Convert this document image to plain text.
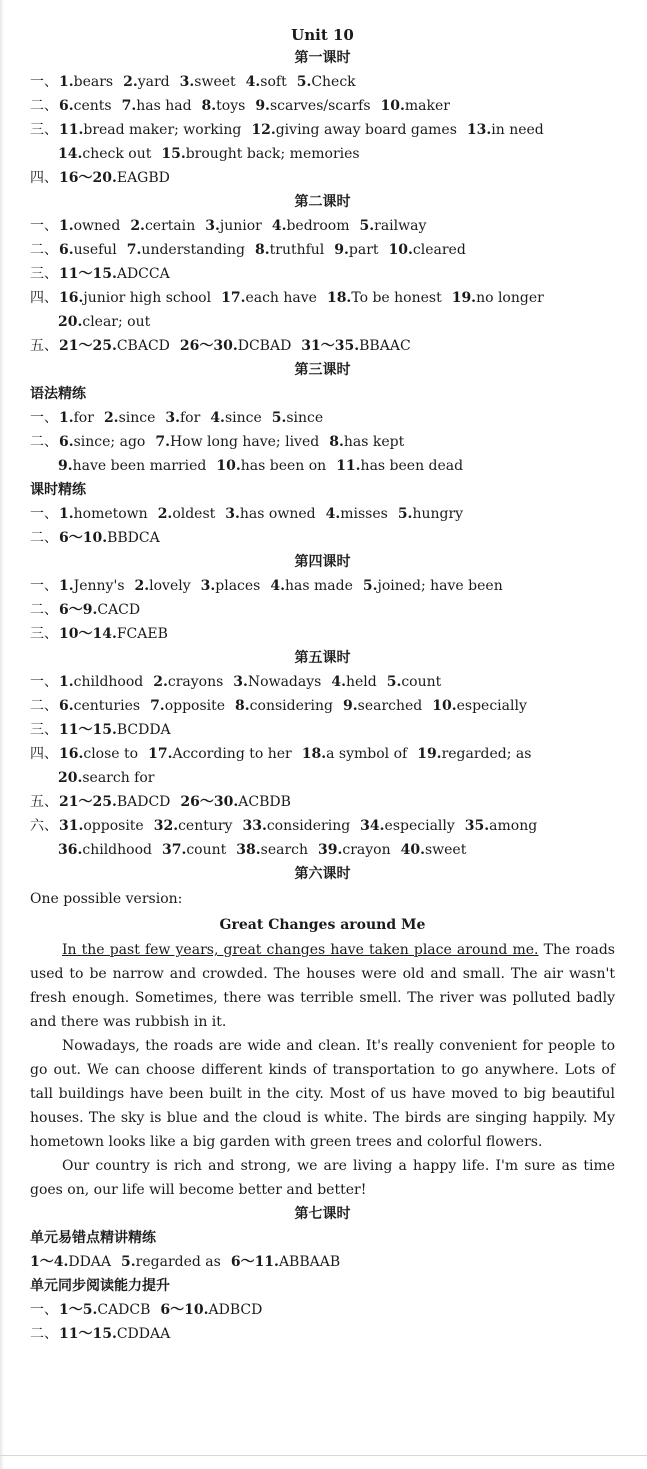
Unit 10
第一课时
一、1.bears 2.yard 3.sweet 4.soft 5.Check
二、6.cents 7.has had 8.toys 9.scarves/scarfs 10.maker
三、11.bread maker; working 12.giving away board games 13.in need
14.check out 15.brought back; memories
四、16～20.EAGBD
第二课时
一、1.owned 2.certain 3.junior 4.bedroom 5.railway
二、6.useful 7.understanding 8.truthful 9.part 10.cleared
三、11～15.ADCCA
四、16.junior high school 17.each have 18.To be honest 19.no longer
20.clear; out
五、21～25.CBACD 26～30.DCBAD 31～35.BBAAC
第三课时
语法精练
一、1.for 2.since 3.for 4.since 5.since
二、6.since; ago 7.How long have; lived 8.has kept
9.have been married 10.has been on 11.has been dead
课时精练
一、1.hometown 2.oldest 3.has owned 4.misses 5.hungry
二、6～10.BBDCA
第四课时
一、1.Jenny's 2.lovely 3.places 4.has made 5.joined; have been
二、6～9.CACD
三、10～14.FCAEB
第五课时
一、1.childhood 2.crayons 3.Nowadays 4.held 5.count
二、6.centuries 7.opposite 8.considering 9.searched 10.especially
三、11～15.BCDDA
四、16.close to 17.According to her 18.a symbol of 19.regarded; as
20.search for
五、21～25.BADCD 26～30.ACBDB
六、31.opposite 32.century 33.considering 34.especially 35.among
36.childhood 37.count 38.search 39.crayon 40.sweet
第六课时
One possible version:
Great Changes around Me

In the past few years, great changes have taken place around me. The roads used to be narrow and crowded. The houses were old and small. The air wasn't fresh enough. Sometimes, there was terrible smell. The river was polluted badly and there was rubbish in it.

Nowadays, the roads are wide and clean. It's really convenient for people to go out. We can choose different kinds of transportation to go anywhere. Lots of tall buildings have been built in the city. Most of us have moved to big beautiful houses. The sky is blue and the cloud is white. The birds are singing happily. My hometown looks like a big garden with green trees and colorful flowers.

Our country is rich and strong, we are living a happy life. I'm sure as time goes on, our life will become better and better!

第七课时
单元易错点精讲精练
1～4.DDAA 5.regarded as 6～11.ABBAAB
单元同步阅读能力提升
一、1～5.CADCB 6～10.ADBCD
二、11～15.CDDAA
